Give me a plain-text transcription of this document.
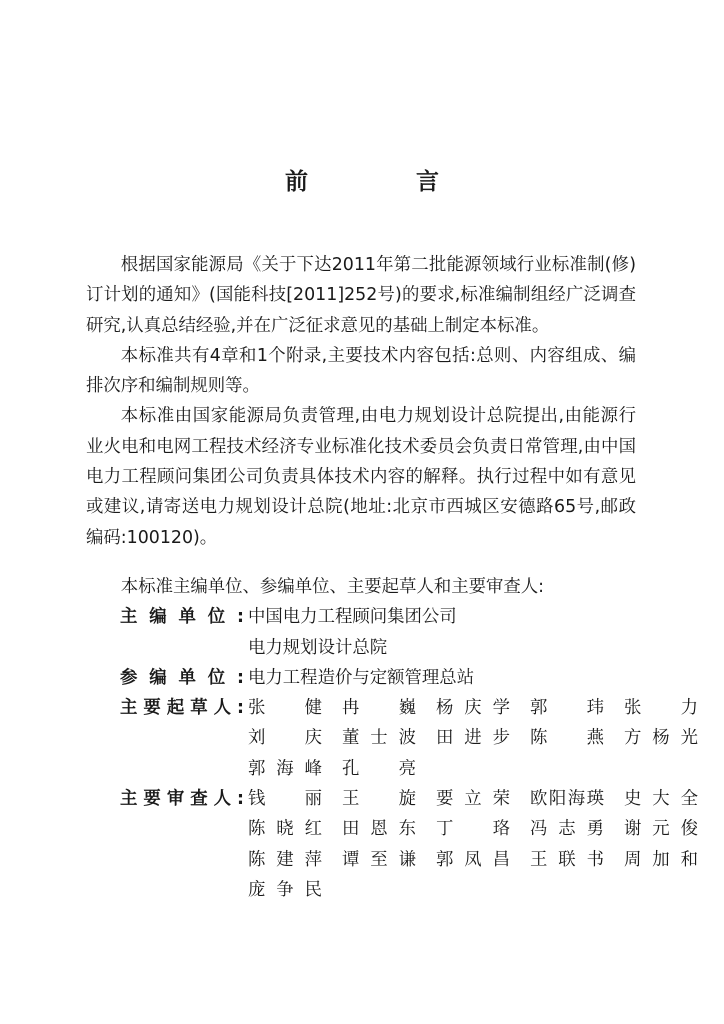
前 言

根据国家能源局《关于下达2011年第二批能源领域行业标准制(修)订计划的通知》(国能科技[2011]252号)的要求,标准编制组经广泛调查研究,认真总结经验,并在广泛征求意见的基础上制定本标准。

本标准共有4章和1个附录,主要技术内容包括:总则、内容组成、编排次序和编制规则等。

本标准由国家能源局负责管理,由电力规划设计总院提出,由能源行业火电和电网工程技术经济专业标准化技术委员会负责日常管理,由中国电力工程顾问集团公司负责具体技术内容的解释。执行过程中如有意见或建议,请寄送电力规划设计总院(地址:北京市西城区安德路65号,邮政编码:100120)。

本标准主编单位、参编单位、主要起草人和主要审查人:

主编单位: 中国电力工程顾问集团公司
电力规划设计总院
参编单位: 电力工程造价与定额管理总站
主要起草人: 张 健	冉 巍	杨庆学	郭 玮	张 力
刘 庆	董士波	田进步	陈 燕	方杨光
郭海峰	孔 亮
主要审查人: 钱 丽	王 旋	要立荣	欧阳海瑛	史大全
陈晓红	田恩东	丁 珞	冯志勇	谢元俊
陈建萍	谭至谦	郭凤昌	王联书	周加和
庞争民
